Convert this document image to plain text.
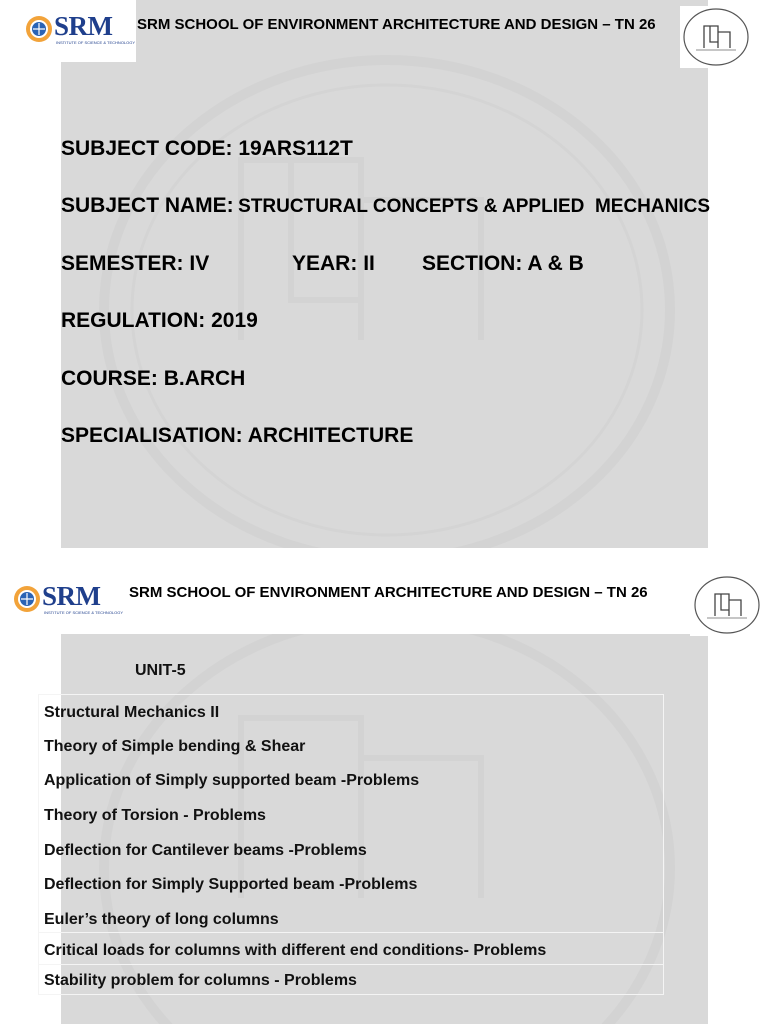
SRM
INSTITUTE OF SCIENCE & TECHNOLOGY
SRM SCHOOL OF ENVIRONMENT ARCHITECTURE AND DESIGN – TN 26
SUBJECT CODE: 19ARS112T
SUBJECT NAME: STRUCTURAL CONCEPTS & APPLIED  MECHANICS
SEMESTER: IV	YEAR: II SECTION: A & B
REGULATION: 2019
COURSE: B.ARCH
SPECIALISATION: ARCHITECTURE
SRM
INSTITUTE OF SCIENCE & TECHNOLOGY
SRM SCHOOL OF ENVIRONMENT ARCHITECTURE AND DESIGN – TN 26
UNIT-5
Structural Mechanics II
Theory of Simple bending & Shear
Application of Simply supported beam -Problems
Theory of Torsion - Problems
Deflection for Cantilever beams -Problems
Deflection for Simply Supported beam -Problems
Euler’s theory of long columns
Critical loads for columns with different end conditions- Problems
Stability problem for columns - Problems
